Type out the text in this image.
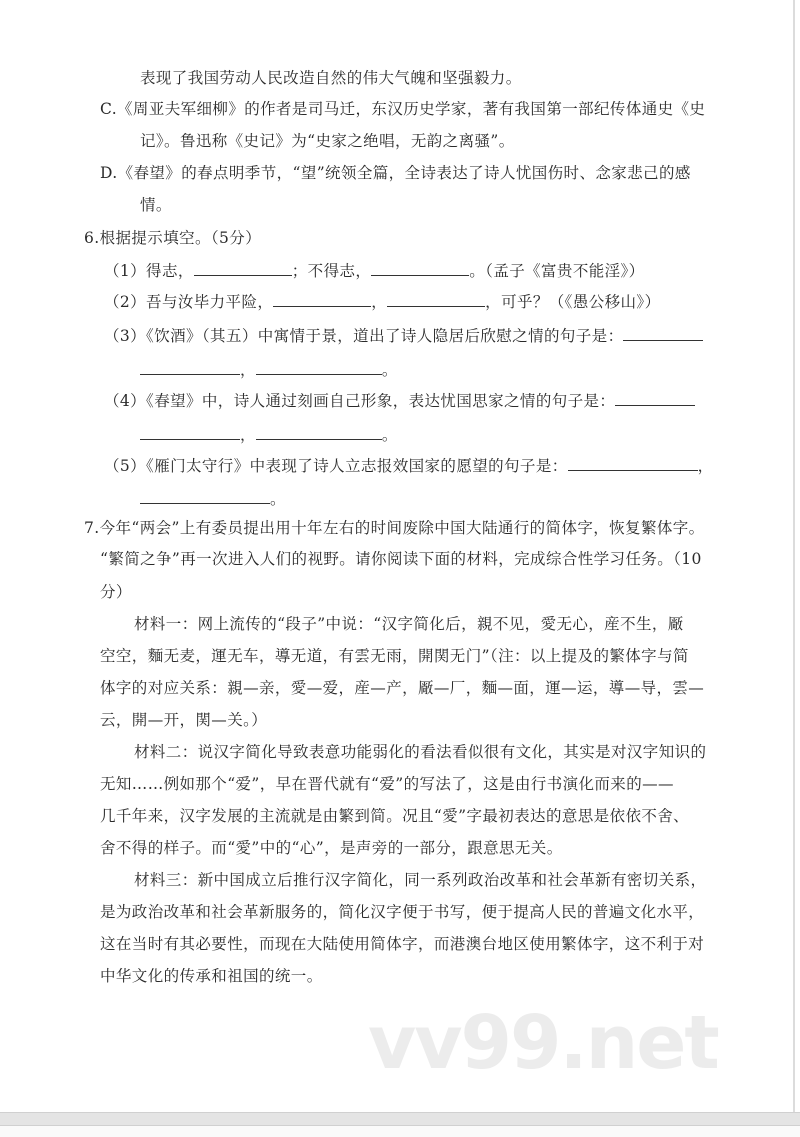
表现了我国劳动人民改造自然的伟大气魄和坚强毅力。
C.《周亚夫军细柳》的作者是司马迁，东汉历史学家，著有我国第一部纪传体通史《史
记》。鲁迅称《史记》为“史家之绝唱，无韵之离骚”。
D.《春望》的春点明季节，“望”统领全篇，全诗表达了诗人忧国伤时、念家悲己的感
情。
6.根据提示填空。（5分）
（1）得志，	；不得志，	。（孟子《富贵不能淫》）
（2）吾与汝毕力平险，	，	，可乎？（《愚公移山》）
（3）《饮酒》（其五）中寓情于景，道出了诗人隐居后欣慰之情的句子是：
，	。
（4）《春望》中，诗人通过刻画自己形象，表达忧国思家之情的句子是：
，	。
（5）《雁门太守行》中表现了诗人立志报效国家的愿望的句子是：	，
。
7.今年“两会”上有委员提出用十年左右的时间废除中国大陆通行的简体字，恢复繁体字。
“繁简之争”再一次进入人们的视野。请你阅读下面的材料，完成综合性学习任务。（10
分）
材料一：网上流传的“段子”中说：“汉字简化后，親不见，愛无心，産不生，厰
空空，麵无麦，運无车，導无道，有雲无雨，開関无门”（注：以上提及的繁体字与简
体字的对应关系：親—亲，愛—爱，産—产，厰—厂，麵—面，運—运，導—导，雲—
云，開—开，関—关。）
材料二：说汉字简化导致表意功能弱化的看法看似很有文化，其实是对汉字知识的
无知……例如那个“爱”，早在晋代就有“爱”的写法了，这是由行书演化而来的——
几千年来，汉字发展的主流就是由繁到简。况且“愛”字最初表达的意思是依依不舍、
舍不得的样子。而“愛”中的“心”，是声旁的一部分，跟意思无关。
材料三：新中国成立后推行汉字简化，同一系列政治改革和社会革新有密切关系，
是为政治改革和社会革新服务的，简化汉字便于书写，便于提高人民的普遍文化水平，
这在当时有其必要性，而现在大陆使用简体字，而港澳台地区使用繁体字，这不利于对
中华文化的传承和祖国的统一。
vv99.net
